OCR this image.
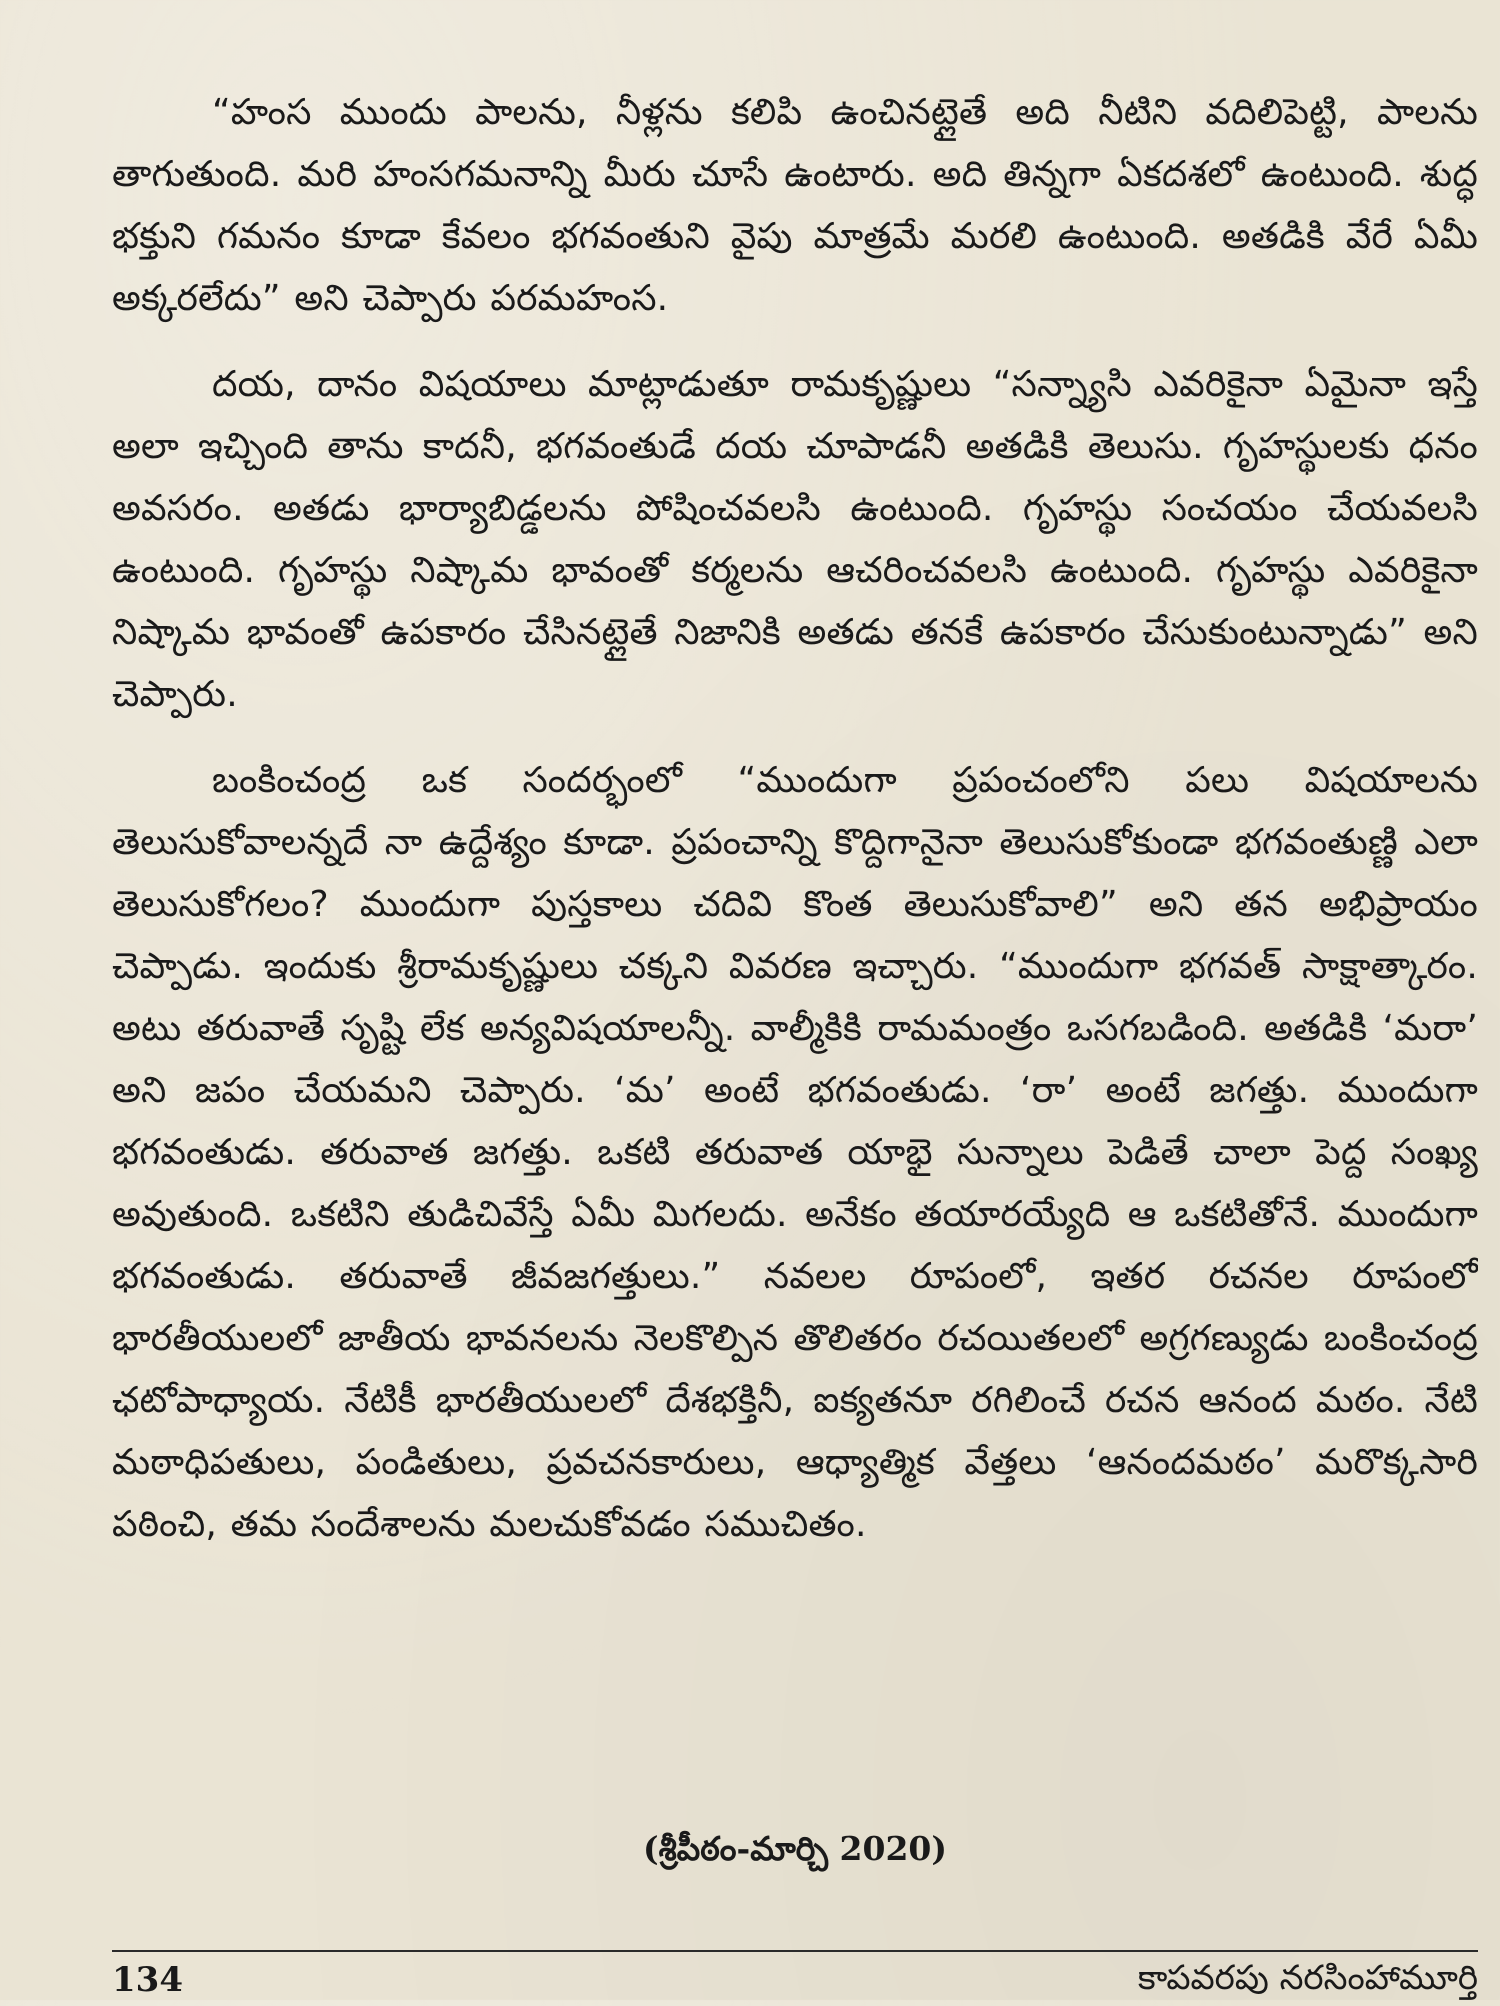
“హంస ముందు పాలను, నీళ్లను కలిపి ఉంచినట్లైతే అది నీటిని వదిలిపెట్టి, పాలను తాగుతుంది. మరి హంసగమనాన్ని మీరు చూసే ఉంటారు. అది తిన్నగా ఏకదశలో ఉంటుంది. శుద్ధ భక్తుని గమనం కూడా కేవలం భగవంతుని వైపు మాత్రమే మరలి ఉంటుంది. అతడికి వేరే ఏమీ అక్కరలేదు” అని చెప్పారు పరమహంస.

దయ, దానం విషయాలు మాట్లాడుతూ రామకృష్ణులు “సన్న్యాసి ఎవరికైనా ఏమైనా ఇస్తే అలా ఇచ్చింది తాను కాదనీ, భగవంతుడే దయ చూపాడనీ అతడికి తెలుసు. గృహస్థులకు ధనం అవసరం. అతడు భార్యాబిడ్డలను పోషించవలసి ఉంటుంది. గృహస్థు సంచయం చేయవలసి ఉంటుంది. గృహస్థు నిష్కామ భావంతో కర్మలను ఆచరించవలసి ఉంటుంది. గృహస్థు ఎవరికైనా నిష్కామ భావంతో ఉపకారం చేసినట్లైతే నిజానికి అతడు తనకే ఉపకారం చేసుకుంటున్నాడు” అని చెప్పారు.

బంకించంద్ర ఒక సందర్భంలో “ముందుగా ప్రపంచంలోని పలు విషయాలను తెలుసుకోవాలన్నదే నా ఉద్దేశ్యం కూడా. ప్రపంచాన్ని కొద్దిగానైనా తెలుసుకోకుండా భగవంతుణ్ణి ఎలా తెలుసుకోగలం? ముందుగా పుస్తకాలు చదివి కొంత తెలుసుకోవాలి” అని తన అభిప్రాయం చెప్పాడు. ఇందుకు శ్రీరామకృష్ణులు చక్కని వివరణ ఇచ్చారు. “ముందుగా భగవత్ సాక్షాత్కారం. అటు తరువాతే సృష్టి లేక అన్యవిషయాలన్నీ. వాల్మీకికి రామమంత్రం ఒసగబడింది. అతడికి ‘మరా’ అని జపం చేయమని చెప్పారు. ‘మ’ అంటే భగవంతుడు. ‘రా’ అంటే జగత్తు. ముందుగా భగవంతుడు. తరువాత జగత్తు. ఒకటి తరువాత యాభై సున్నాలు పెడితే చాలా పెద్ద సంఖ్య అవుతుంది. ఒకటిని తుడిచివేస్తే ఏమీ మిగలదు. అనేకం తయారయ్యేది ఆ ఒకటితోనే. ముందుగా భగవంతుడు. తరువాతే జీవజగత్తులు.” నవలల రూపంలో, ఇతర రచనల రూపంలో భారతీయులలో జాతీయ భావనలను నెలకొల్పిన తొలితరం రచయితలలో అగ్రగణ్యుడు బంకించంద్ర ఛటోపాధ్యాయ. నేటికీ భారతీయులలో దేశభక్తినీ, ఐక్యతనూ రగిలించే రచన ఆనంద మఠం. నేటి మఠాధిపతులు, పండితులు, ప్రవచనకారులు, ఆధ్యాత్మిక వేత్తలు ‘ఆనందమఠం’ మరొక్కసారి పఠించి, తమ సందేశాలను మలచుకోవడం సముచితం.

(శ్రీపీఠం-మార్చి 2020)
134	కాపవరపు నరసింహామూర్తి
